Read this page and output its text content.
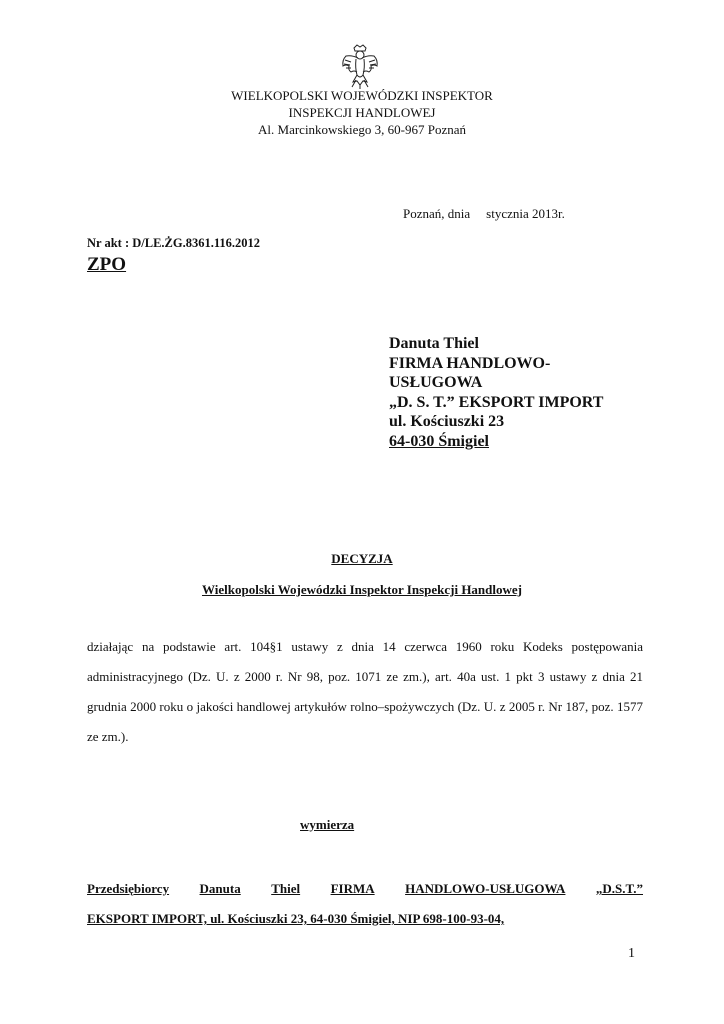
WIELKOPOLSKI WOJEWÓDZKI INSPEKTOR
INSPEKCJI HANDLOWEJ
Al. Marcinkowskiego 3, 60-967 Poznań
Poznań, dnia stycznia 2013r.
Nr akt : D/LE.ŻG.8361.116.2012
ZPO
Danuta Thiel
FIRMA HANDLOWO-
USŁUGOWA
„D. S. T.” EKSPORT IMPORT
ul. Kościuszki 23
64-030 Śmigiel
DECYZJA
Wielkopolski Wojewódzki Inspektor Inspekcji Handlowej
działając na podstawie art. 104§1 ustawy z dnia 14 czerwca 1960 roku Kodeks postępowania administracyjnego (Dz. U. z 2000 r. Nr 98, poz. 1071 ze zm.), art. 40a ust. 1 pkt 3 ustawy z dnia 21 grudnia 2000 roku o jakości handlowej artykułów rolno–spożywczych (Dz. U. z 2005 r. Nr 187, poz. 1577 ze zm.).
wymierza
Przedsiębiorcy Danuta Thiel FIRMA HANDLOWO-USŁUGOWA „D.S.T.”
EKSPORT IMPORT, ul. Kościuszki 23, 64-030 Śmigiel, NIP 698-100-93-04,
1
